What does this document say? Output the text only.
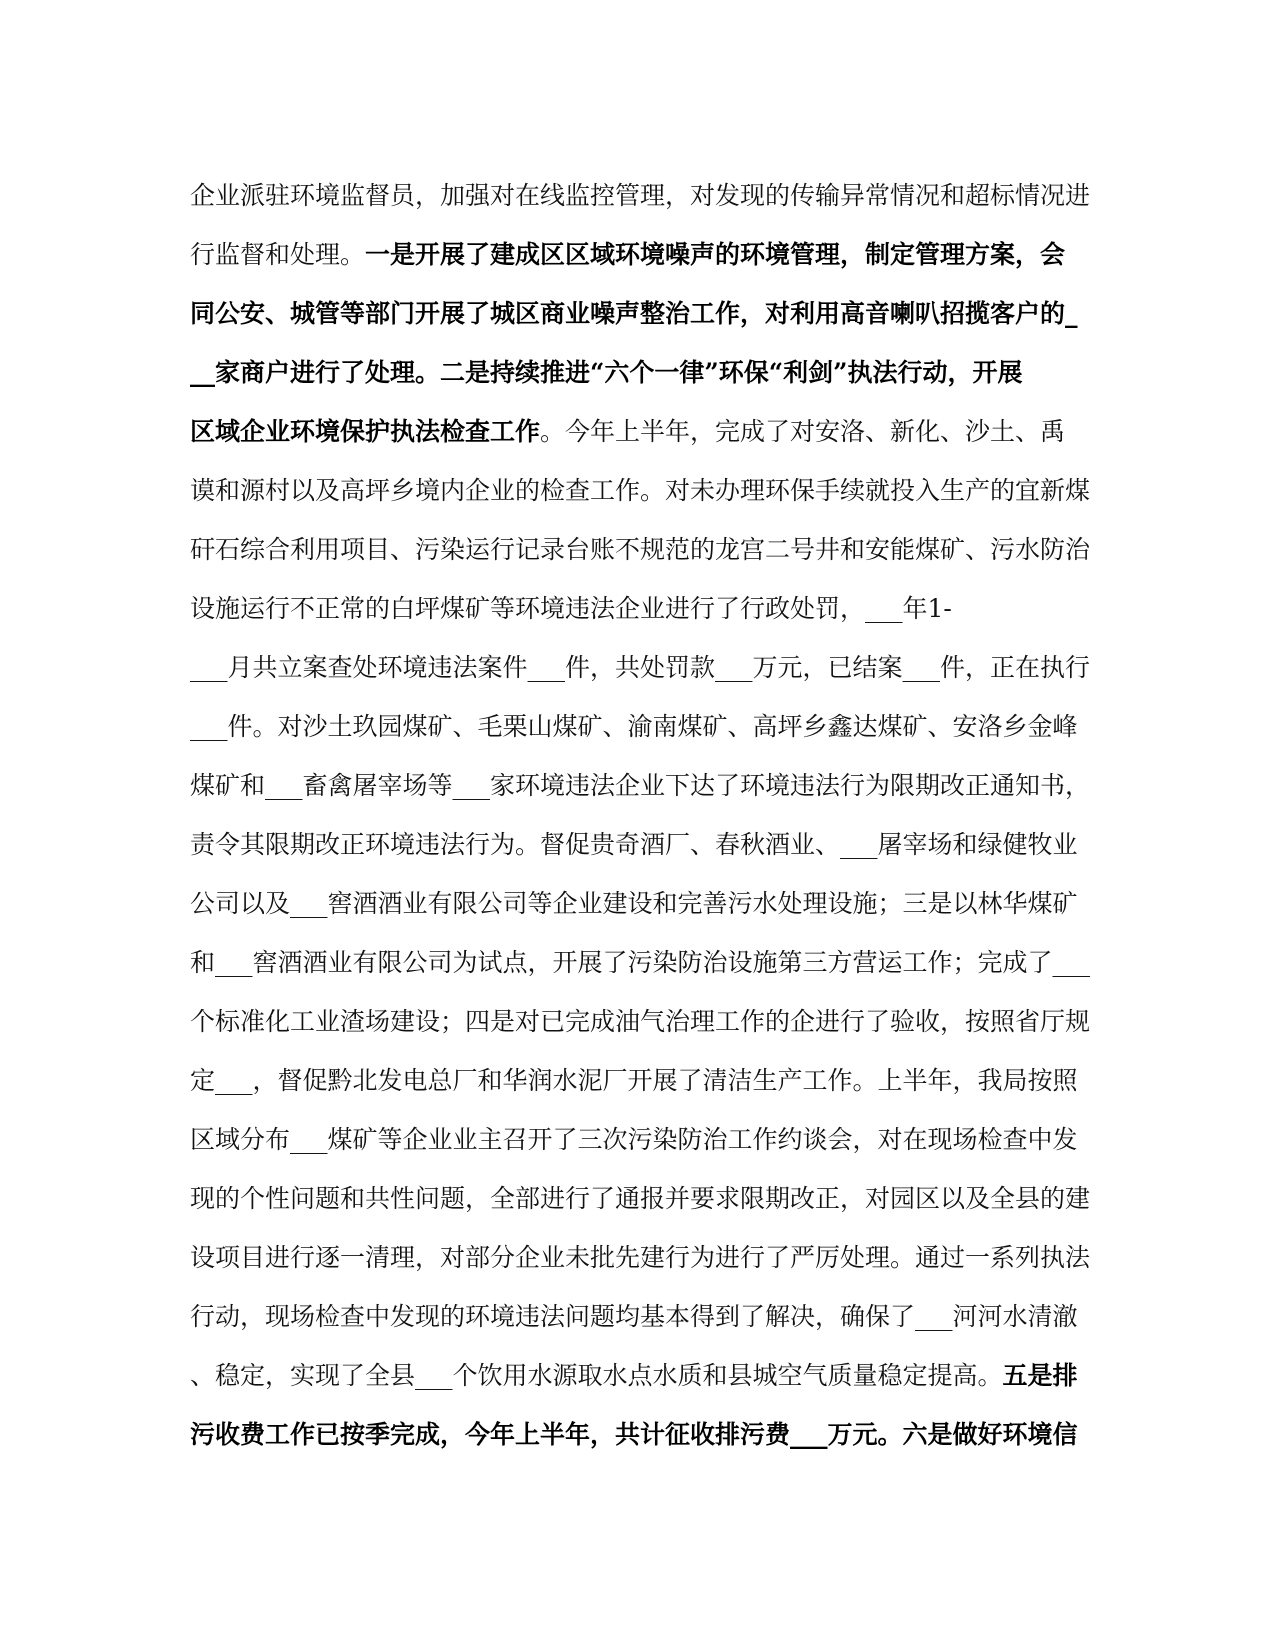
企业派驻环境监督员，加强对在线监控管理，对发现的传输异常情况和超标情况进
行监督和处理。一是开展了建成区区域环境噪声的环境管理，制定管理方案，会
同公安、城管等部门开展了城区商业噪声整治工作，对利用高音喇叭招揽客户的_
__家商户进行了处理。二是持续推进“六个一律”环保“利剑”执法行动，开展
区域企业环境保护执法检查工作。今年上半年，完成了对安洛、新化、沙土、禹
谟和源村以及高坪乡境内企业的检查工作。对未办理环保手续就投入生产的宜新煤
矸石综合利用项目、污染运行记录台账不规范的龙宫二号井和安能煤矿、污水防治
设施运行不正常的白坪煤矿等环境违法企业进行了行政处罚，___年1-
___月共立案查处环境违法案件___件，共处罚款___万元，已结案___件，正在执行
___件。对沙土玖园煤矿、毛栗山煤矿、渝南煤矿、高坪乡鑫达煤矿、安洛乡金峰
煤矿和___畜禽屠宰场等___家环境违法企业下达了环境违法行为限期改正通知书，
责令其限期改正环境违法行为。督促贵奇酒厂、春秋酒业、___屠宰场和绿健牧业
公司以及___窖酒酒业有限公司等企业建设和完善污水处理设施；三是以林华煤矿
和___窖酒酒业有限公司为试点，开展了污染防治设施第三方营运工作；完成了___
个标准化工业渣场建设；四是对已完成油气治理工作的企进行了验收，按照省厅规
定___，督促黔北发电总厂和华润水泥厂开展了清洁生产工作。上半年，我局按照
区域分布___煤矿等企业业主召开了三次污染防治工作约谈会，对在现场检查中发
现的个性问题和共性问题，全部进行了通报并要求限期改正，对园区以及全县的建
设项目进行逐一清理，对部分企业未批先建行为进行了严厉处理。通过一系列执法
行动，现场检查中发现的环境违法问题均基本得到了解决，确保了___河河水清澈
、稳定，实现了全县___个饮用水源取水点水质和县城空气质量稳定提高。五是排
污收费工作已按季完成，今年上半年，共计征收排污费___万元。六是做好环境信
